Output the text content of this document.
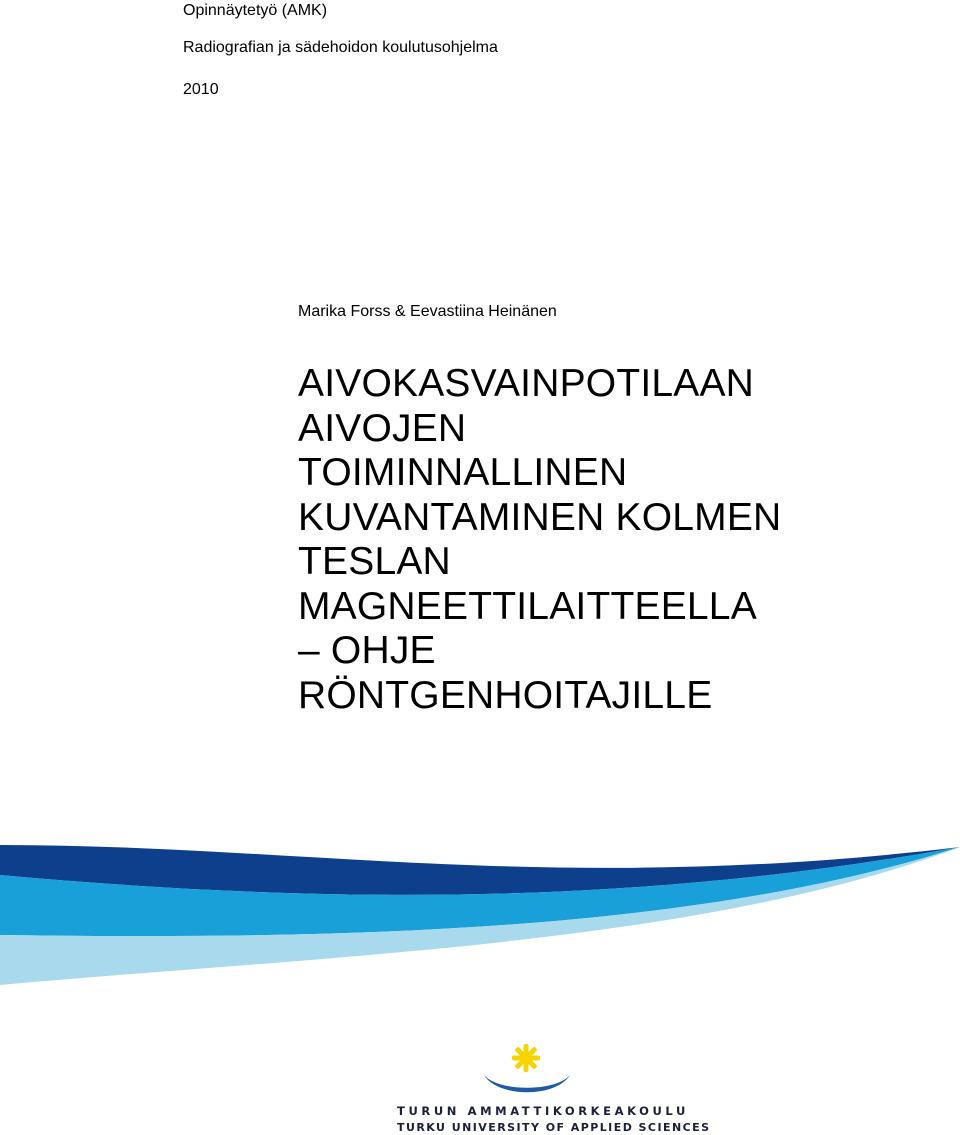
Opinnäytetyö (AMK)
Radiografian ja sädehoidon koulutusohjelma
2010
Marika Forss & Eevastiina Heinänen
AIVOKASVAINPOTILAAN
AIVOJEN
TOIMINNALLINEN
KUVANTAMINEN KOLMEN
TESLAN
MAGNEETTILAITTEELLA
– OHJE
RÖNTGENHOITAJILLE
TURUN AMMATTIKORKEAKOULU
TURKU UNIVERSITY OF APPLIED SCIENCES
